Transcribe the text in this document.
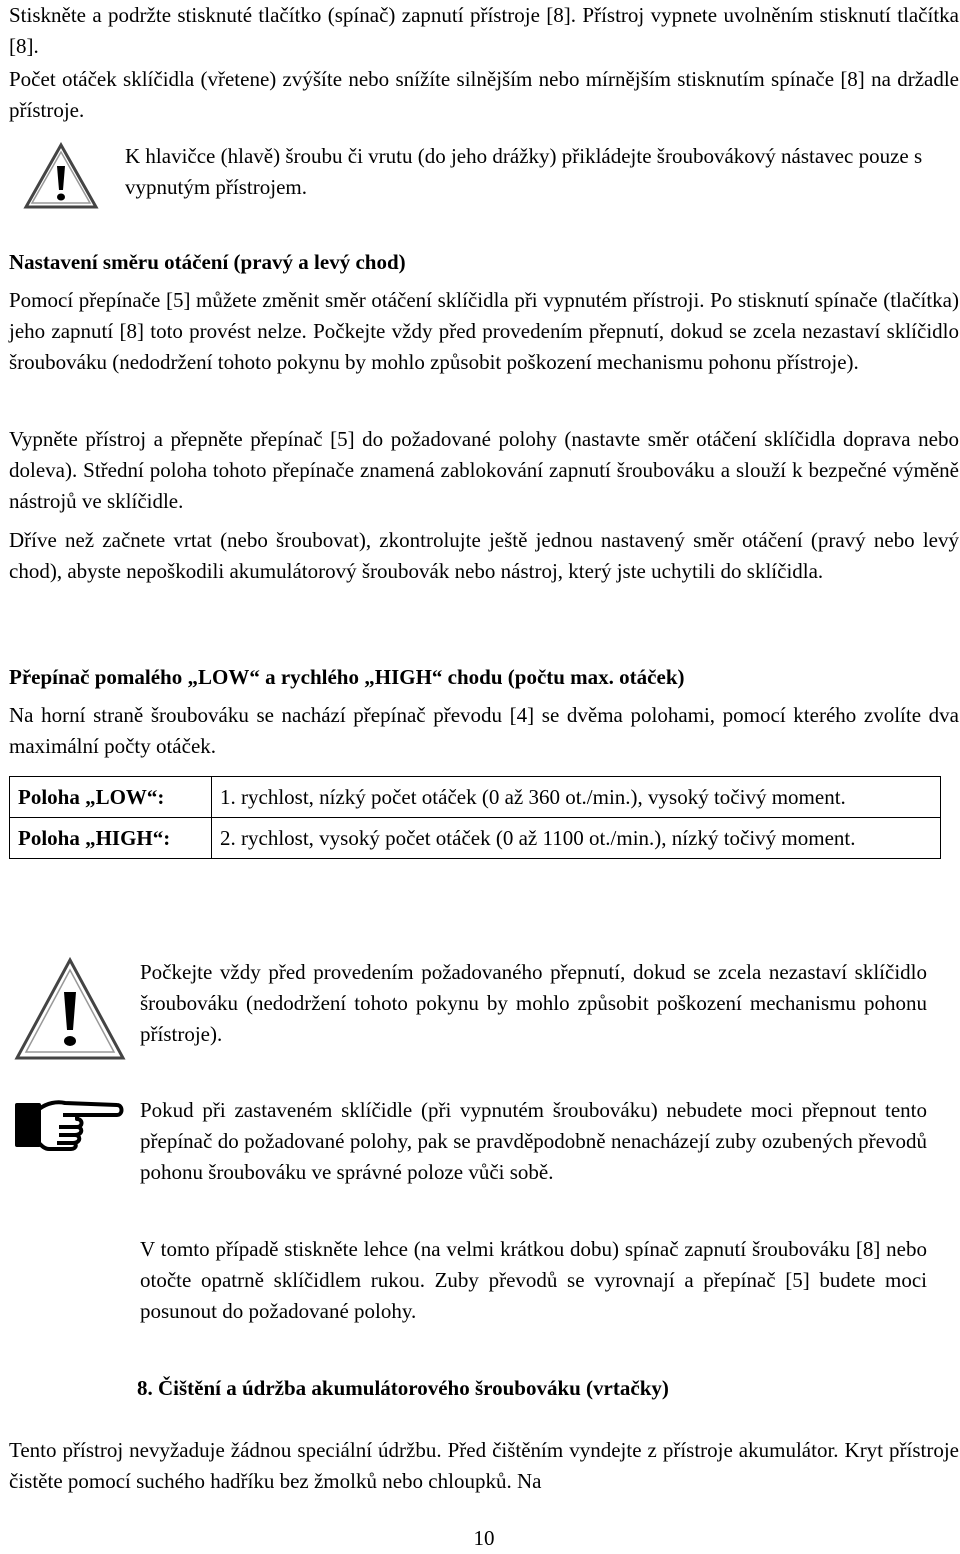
Stiskněte a podržte stisknuté tlačítko (spínač) zapnutí přístroje [8]. Přístroj vypnete uvolněním stisknutí tlačítka [8].

Počet otáček sklíčidla (vřetene) zvýšíte nebo snížíte silnějším nebo mírnějším stisknutím spínače [8] na držadle přístroje.

K hlavičce (hlavě) šroubu či vrutu (do jeho drážky) přikládejte šroubovákový nástavec pouze s vypnutým přístrojem.

Nastavení směru otáčení (pravý a levý chod)

Pomocí přepínače [5] můžete změnit směr otáčení sklíčidla při vypnutém přístroji. Po stisknutí spínače (tlačítka) jeho zapnutí [8] toto provést nelze. Počkejte vždy před provedením přepnutí, dokud se zcela nezastaví sklíčidlo šroubováku (nedodržení tohoto pokynu by mohlo způsobit poškození mechanismu pohonu přístroje).

Vypněte přístroj a přepněte přepínač [5] do požadované polohy (nastavte směr otáčení sklíčidla doprava nebo doleva). Střední poloha tohoto přepínače znamená zablokování zapnutí šroubováku a slouží k bezpečné výměně nástrojů ve sklíčidle.

Dříve než začnete vrtat (nebo šroubovat), zkontrolujte ještě jednou nastavený směr otáčení (pravý nebo levý chod), abyste nepoškodili akumulátorový šroubovák nebo nástroj, který jste uchytili do sklíčidla.

Přepínač pomalého „LOW“ a rychlého „HIGH“ chodu (počtu max. otáček)

Na horní straně šroubováku se nachází přepínač převodu [4] se dvěma polohami, pomocí kterého zvolíte dva maximální počty otáček.

Poloha „LOW“:	1. rychlost, nízký počet otáček (0 až 360 ot./min.), vysoký točivý moment.
Poloha „HIGH“:	2. rychlost, vysoký počet otáček (0 až 1100 ot./min.), nízký točivý moment.

Počkejte vždy před provedením požadovaného přepnutí, dokud se zcela nezastaví sklíčidlo šroubováku (nedodržení tohoto pokynu by mohlo způsobit poškození mechanismu pohonu přístroje).

Pokud při zastaveném sklíčidle (při vypnutém šroubováku) nebudete moci přepnout tento přepínač do požadované polohy, pak se pravděpodobně nenacházejí zuby ozubených převodů pohonu šroubováku ve správné poloze vůči sobě.

V tomto případě stiskněte lehce (na velmi krátkou dobu) spínač zapnutí šroubováku [8] nebo otočte opatrně sklíčidlem rukou. Zuby převodů se vyrovnají a přepínač [5] budete moci posunout do požadované polohy.

8. Čištění a údržba akumulátorového šroubováku (vrtačky)

Tento přístroj nevyžaduje žádnou speciální údržbu. Před čištěním vyndejte z přístroje akumulátor. Kryt přístroje čistěte pomocí suchého hadříku bez žmolků nebo chloupků. Na

10
